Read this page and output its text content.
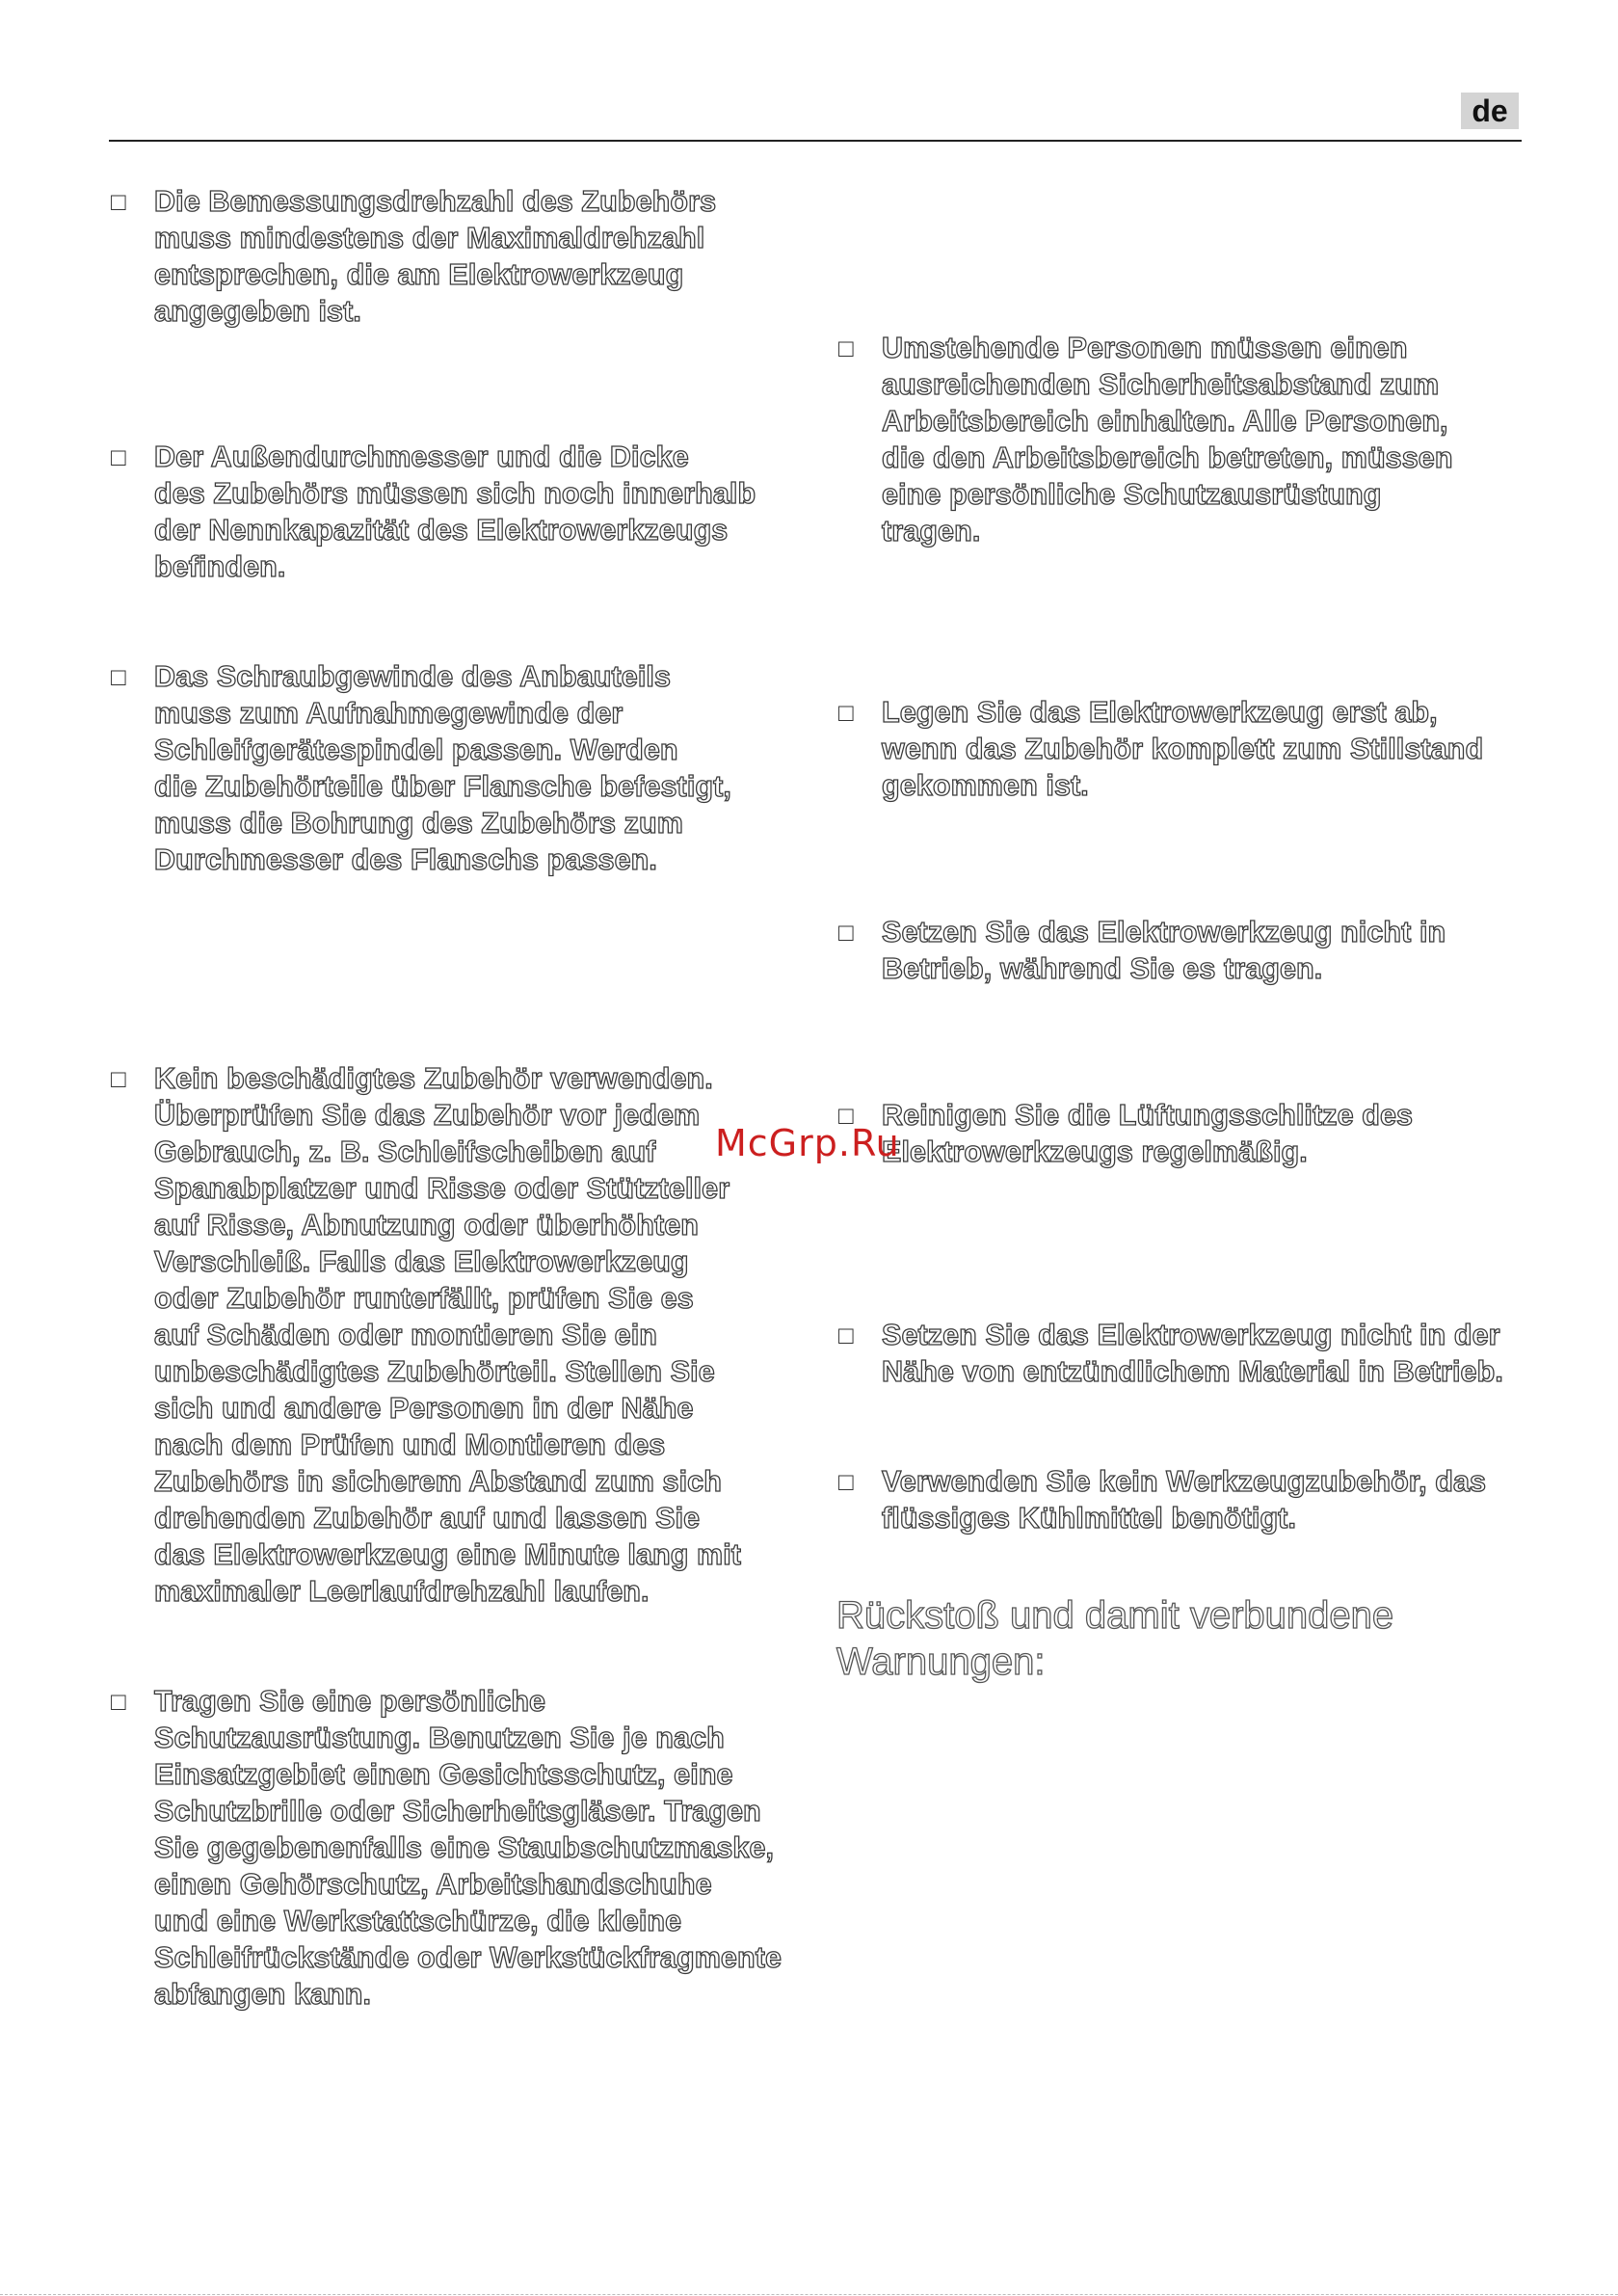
de
□ Die Bemessungsdrehzahl des Zubehörs
muss mindestens der Maximaldrehzahl
entsprechen, die am Elektrowerkzeug
angegeben ist.
□ Der Außendurchmesser und die Dicke
des Zubehörs müssen sich noch innerhalb
der Nennkapazität des Elektrowerkzeugs
befinden.
□ Das Schraubgewinde des Anbauteils
muss zum Aufnahmegewinde der
Schleifgerätespindel passen. Werden
die Zubehörteile über Flansche befestigt,
muss die Bohrung des Zubehörs zum
Durchmesser des Flanschs passen.
□ Kein beschädigtes Zubehör verwenden.
Überprüfen Sie das Zubehör vor jedem
Gebrauch, z. B. Schleifscheiben auf
Spanabplatzer und Risse oder Stützteller
auf Risse, Abnutzung oder überhöhten
Verschleiß. Falls das Elektrowerkzeug
oder Zubehör runterfällt, prüfen Sie es
auf Schäden oder montieren Sie ein
unbeschädigtes Zubehörteil. Stellen Sie
sich und andere Personen in der Nähe
nach dem Prüfen und Montieren des
Zubehörs in sicherem Abstand zum sich
drehenden Zubehör auf und lassen Sie
das Elektrowerkzeug eine Minute lang mit
maximaler Leerlaufdrehzahl laufen.
□ Tragen Sie eine persönliche
Schutzausrüstung. Benutzen Sie je nach
Einsatzgebiet einen Gesichtsschutz, eine
Schutzbrille oder Sicherheitsgläser. Tragen
Sie gegebenenfalls eine Staubschutzmaske,
einen Gehörschutz, Arbeitshandschuhe
und eine Werkstattschürze, die kleine
Schleifrückstände oder Werkstückfragmente
abfangen kann.
□ Umstehende Personen müssen einen
ausreichenden Sicherheitsabstand zum
Arbeitsbereich einhalten. Alle Personen,
die den Arbeitsbereich betreten, müssen
eine persönliche Schutzausrüstung
tragen.
□ Legen Sie das Elektrowerkzeug erst ab,
wenn das Zubehör komplett zum Stillstand
gekommen ist.
□ Setzen Sie das Elektrowerkzeug nicht in
Betrieb, während Sie es tragen.
□ Reinigen Sie die Lüftungsschlitze des
Elektrowerkzeugs regelmäßig.
□ Setzen Sie das Elektrowerkzeug nicht in der
Nähe von entzündlichem Material in Betrieb.
□ Verwenden Sie kein Werkzeugzubehör, das
flüssiges Kühlmittel benötigt.
Rückstoß und damit verbundene
Warnungen:
McGrp.Ru
